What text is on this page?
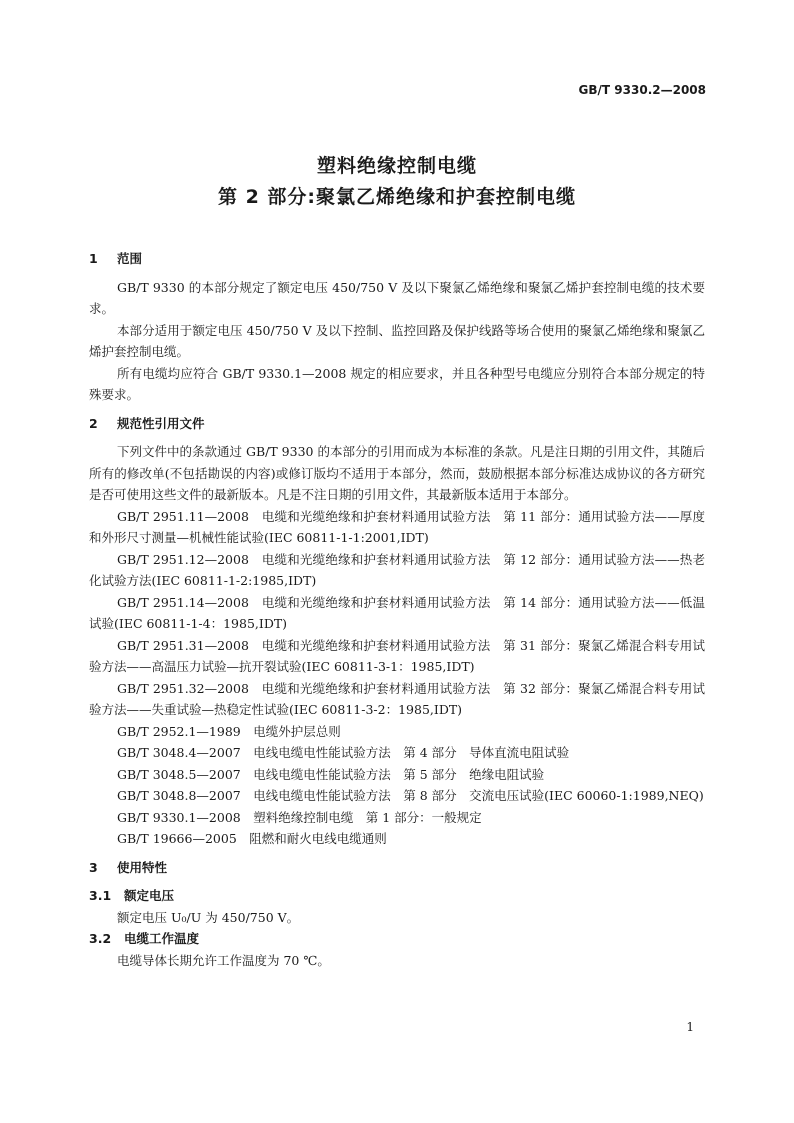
GB/T 9330.2—2008
塑料绝缘控制电缆
第 2 部分:聚氯乙烯绝缘和护套控制电缆
1 范围

GB/T 9330 的本部分规定了额定电压 450/750 V 及以下聚氯乙烯绝缘和聚氯乙烯护套控制电缆的技术要求。

本部分适用于额定电压 450/750 V 及以下控制、监控回路及保护线路等场合使用的聚氯乙烯绝缘和聚氯乙烯护套控制电缆。

所有电缆均应符合 GB/T 9330.1—2008 规定的相应要求，并且各种型号电缆应分别符合本部分规定的特殊要求。

2 规范性引用文件

下列文件中的条款通过 GB/T 9330 的本部分的引用而成为本标准的条款。凡是注日期的引用文件，其随后所有的修改单(不包括勘误的内容)或修订版均不适用于本部分，然而，鼓励根据本部分标准达成协议的各方研究是否可使用这些文件的最新版本。凡是不注日期的引用文件，其最新版本适用于本部分。

GB/T 2951.11—2008　电缆和光缆绝缘和护套材料通用试验方法　第 11 部分：通用试验方法——厚度和外形尺寸测量—机械性能试验(IEC 60811-1-1:2001,IDT)

GB/T 2951.12—2008　电缆和光缆绝缘和护套材料通用试验方法　第 12 部分：通用试验方法——热老化试验方法(IEC 60811-1-2:1985,IDT)

GB/T 2951.14—2008　电缆和光缆绝缘和护套材料通用试验方法　第 14 部分：通用试验方法——低温试验(IEC 60811-1-4：1985,IDT)

GB/T 2951.31—2008　电缆和光缆绝缘和护套材料通用试验方法　第 31 部分：聚氯乙烯混合料专用试验方法——高温压力试验—抗开裂试验(IEC 60811-3-1：1985,IDT)

GB/T 2951.32—2008　电缆和光缆绝缘和护套材料通用试验方法　第 32 部分：聚氯乙烯混合料专用试验方法——失重试验—热稳定性试验(IEC 60811-3-2：1985,IDT)

GB/T 2952.1—1989　电缆外护层总则

GB/T 3048.4—2007　电线电缆电性能试验方法　第 4 部分　导体直流电阻试验

GB/T 3048.5—2007　电线电缆电性能试验方法　第 5 部分　绝缘电阻试验

GB/T 3048.8—2007　电线电缆电性能试验方法　第 8 部分　交流电压试验(IEC 60060-1:1989,NEQ)

GB/T 9330.1—2008　塑料绝缘控制电缆　第 1 部分：一般规定

GB/T 19666—2005　阻燃和耐火电线电缆通则

3 使用特性
3.1 额定电压

额定电压 U₀/U 为 450/750 V。

3.2 电缆工作温度

电缆导体长期允许工作温度为 70 ℃。

1
